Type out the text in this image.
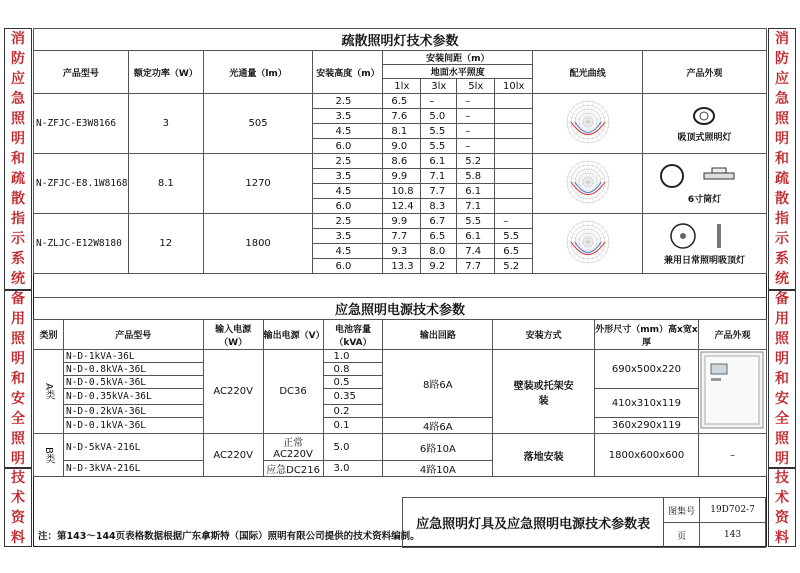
消
防
应
急
照
明
和
疏
散
指
示
系
统
备
用
照
明
和
安
全
照
明
技
术
资
料
消
防
应
急
照
明
和
疏
散
指
示
系
统
备
用
照
明
和
安
全
照
明
技
术
资
料
疏散照明灯技术参数									
产品型号	额定功率（W）	光通量（lm）	安装高度（m）	安装间距（m）				配光曲线	产品外观
				地面水平照度					
				1lx	3lx	5lx	10lx		
N-ZFJC-E3W8166	3	505	2.5	6.5	–	–			吸顶式照明灯

			3.5	7.6	5.0	–			
			4.5	8.1	5.5	–			
			6.0	9.0	5.5	–			
N-ZFJC-E8.1W8168	8.1	1270	2.5	8.6	6.1	5.2			6寸筒灯

			3.5	9.9	7.1	5.8			
			4.5	10.8	7.7	6.1			
			6.0	12.4	8.3	7.1			
N-ZLJC-E12W8180	12	1800	2.5	9.9	6.7	5.5	–		兼用日常照明吸顶灯

			3.5	7.7	6.5	6.1	5.5		
			4.5	9.3	8.0	7.4	6.5		
			6.0	13.3	9.2	7.7	5.2		
应急照明电源技术参数								
类别	产品型号	输入电源（W）	输出电源（V）	电池容量（kVA）	输出回路	安装方式	外形尺寸（mm）高x宽x厚	产品外观
A类	N-D-1kVA-36L	AC220V	DC36	1.0	8路6A	壁装或托架安装	690x500x220	
	N-D-0.8kVA-36L			0.8				
	N-D-0.5kVA-36L			0.5				
	N-D-0.35kVA-36L			0.35			410x310x119	
	N-D-0.2kVA-36L			0.2				
	N-D-0.1kVA-36L			0.1	4路6A		360x290x119	
B类	N-D-5kVA-216L	AC220V	正常AC220V	5.0	6路10A	落地安装	1800x600x600	–
	N-D-3kVA-216L		应急DC216	3.0	4路10A			
注：第143～144页表格数据根据广东拿斯特（国际）照明有限公司提供的技术资料编制。
应急照明灯具及应急照明电源技术参数表	图集号	19D702-7
	页	143
